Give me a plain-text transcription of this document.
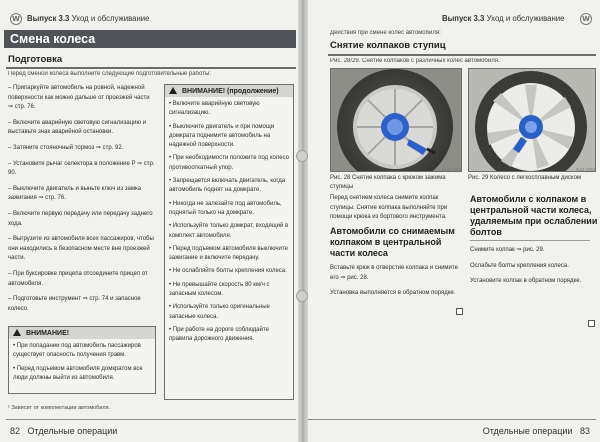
W Выпуск 3.3 Уход и обслуживание
Смена колеса
Подготовка
Перед сменой колеса выполните следующие подготовительные работы:
– Припаркуйте автомобиль на ровной, надежной поверхности как можно дальше от проезжей части ⇒ стр. 76.
– Включите аварийную световую сигнализацию и выставьте знак аварийной остановки.
– Затяните стояночный тормоз ⇒ стр. 92.
– Установите рычаг селектора в положение P ⇒ стр. 90.
– Выключите двигатель и выньте ключ из замка зажигания ⇒ стр. 76.
– Включите первую передачу или передачу заднего хода.
– Выгрузите из автомобиля всех пассажиров, чтобы они находились в безопасном месте вне проезжей части.
– При буксировке прицепа отсоедините прицеп от автомобиля.
– Подготовьте инструмент ⇒ стр. 74 и запасное колесо.
ВНИМАНИЕ!
• При попадании под автомобиль пассажиров существует опасность получения травм.
• Перед подъемом автомобиля домкратом все люди должны выйти из автомобиля.
ВНИМАНИЕ! (продолжение)
• Включите аварийную световую сигнализацию.
• Выключите двигатель и при помощи домкрата поднимите автомобиль на надежной поверхности.
• При необходимости положите под колесо противооткатный упор.
• Запрещается включать двигатель, когда автомобиль поднят на домкрате.
• Никогда не залезайте под автомобиль, поднятый только на домкрате.
• Используйте только домкрат, входящий в комплект автомобиля.
• Перед подъемом автомобиля выключите зажигание и включите передачу.
• Не ослабляйте болты крепления колеса.
• Не превышайте скорость 80 км/ч с запасным колесом.
• Используйте только оригинальные запасные колеса.
• При работе на дороге соблюдайте правила дорожного движения.
¹ Зависит от комплектации автомобиля.
82 Отдельные операции
Выпуск 3.3 Уход и обслуживание	W
Действия при смене колес автомобиля:
Снятие колпаков ступиц
Рис. 28/29. Снятие колпаков с различных колес автомобиля.
Рис. 28 Снятие колпака с крюком зажима ступицы
B3Z-0000
Рис. 29 Колесо с легкосплавным диском
B3Z-0001
Перед снятием колеса снимите колпак ступицы. Снятие колпака выполняйте при помощи крюка из бортового инструмента.
Автомобили со снимаемым колпаком в центральной части колеса
Вставьте крюк в отверстие колпака и снимите его ⇒ рис. 28.
Установка выполняется в обратном порядке.
Автомобили с колпаком в центральной части колеса, удаляемым при ослаблении болтов
Снимите колпак ⇒ рис. 29.
Ослабьте болты крепления колеса.
Установите колпак в обратном порядке.
Отдельные операции 83
